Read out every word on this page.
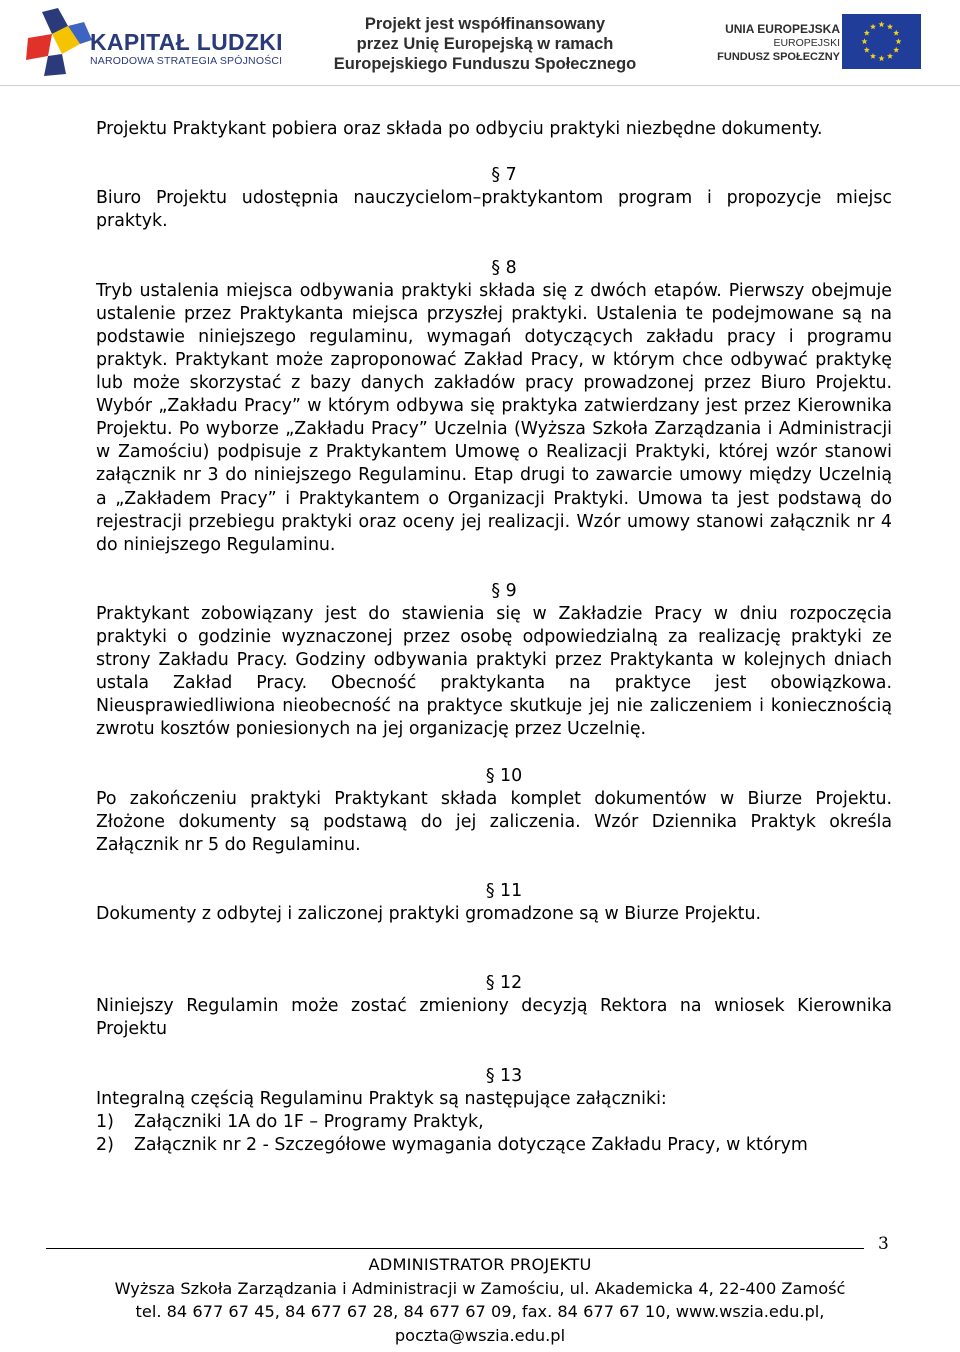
KAPITAŁ LUDZKI
NARODOWA STRATEGIA SPÓJNOŚCI
Projekt jest współfinansowany
przez Unię Europejską w ramach
Europejskiego Funduszu Społecznego
UNIA EUROPEJSKA
EUROPEJSKI
FUNDUSZ SPOŁECZNY

Projektu Praktykant pobiera oraz składa po odbyciu praktyki niezbędne dokumenty.

§ 7

Biuro Projektu udostępnia nauczycielom–praktykantom program i propozycje miejsc praktyk.

§ 8

Tryb ustalenia miejsca odbywania praktyki składa się z dwóch etapów. Pierwszy obejmuje ustalenie przez Praktykanta miejsca przyszłej praktyki. Ustalenia te podejmowane są na podstawie niniejszego regulaminu, wymagań dotyczących zakładu pracy i programu praktyk. Praktykant może zaproponować Zakład Pracy, w którym chce odbywać praktykę lub może skorzystać z bazy danych zakładów pracy prowadzonej przez Biuro Projektu. Wybór „Zakładu Pracy” w którym odbywa się praktyka zatwierdzany jest przez Kierownika Projektu. Po wyborze „Zakładu Pracy” Uczelnia (Wyższa Szkoła Zarządzania i Administracji w Zamościu) podpisuje z Praktykantem Umowę o Realizacji Praktyki, której wzór stanowi załącznik nr 3 do niniejszego Regulaminu. Etap drugi to zawarcie umowy między Uczelnią a „Zakładem Pracy” i Praktykantem o Organizacji Praktyki. Umowa ta jest podstawą do rejestracji przebiegu praktyki oraz oceny jej realizacji. Wzór umowy stanowi załącznik nr 4 do niniejszego Regulaminu.

§ 9

Praktykant zobowiązany jest do stawienia się w Zakładzie Pracy w dniu rozpoczęcia praktyki o godzinie wyznaczonej przez osobę odpowiedzialną za realizację praktyki ze strony Zakładu Pracy. Godziny odbywania praktyki przez Praktykanta w kolejnych dniach ustala Zakład Pracy. Obecność praktykanta na praktyce jest obowiązkowa. Nieusprawiedliwiona nieobecność na praktyce skutkuje jej nie zaliczeniem i koniecznością zwrotu kosztów poniesionych na jej organizację przez Uczelnię.

§ 10

Po zakończeniu praktyki Praktykant składa komplet dokumentów w Biurze Projektu. Złożone dokumenty są podstawą do jej zaliczenia. Wzór Dziennika Praktyk określa Załącznik nr 5 do Regulaminu.

§ 11

Dokumenty z odbytej i zaliczonej praktyki gromadzone są w Biurze Projektu.

§ 12

Niniejszy Regulamin może zostać zmieniony decyzją Rektora na wniosek Kierownika Projektu

§ 13

Integralną częścią Regulaminu Praktyk są następujące załączniki:

1) Załączniki 1A do 1F – Programy Praktyk,
2) Załącznik nr 2 - Szczegółowe wymagania dotyczące Zakładu Pracy, w którym
3
ADMINISTRATOR PROJEKTU
Wyższa Szkoła Zarządzania i Administracji w Zamościu, ul. Akademicka 4, 22-400 Zamość
tel. 84 677 67 45, 84 677 67 28, 84 677 67 09, fax. 84 677 67 10, www.wszia.edu.pl,
poczta@wszia.edu.pl
